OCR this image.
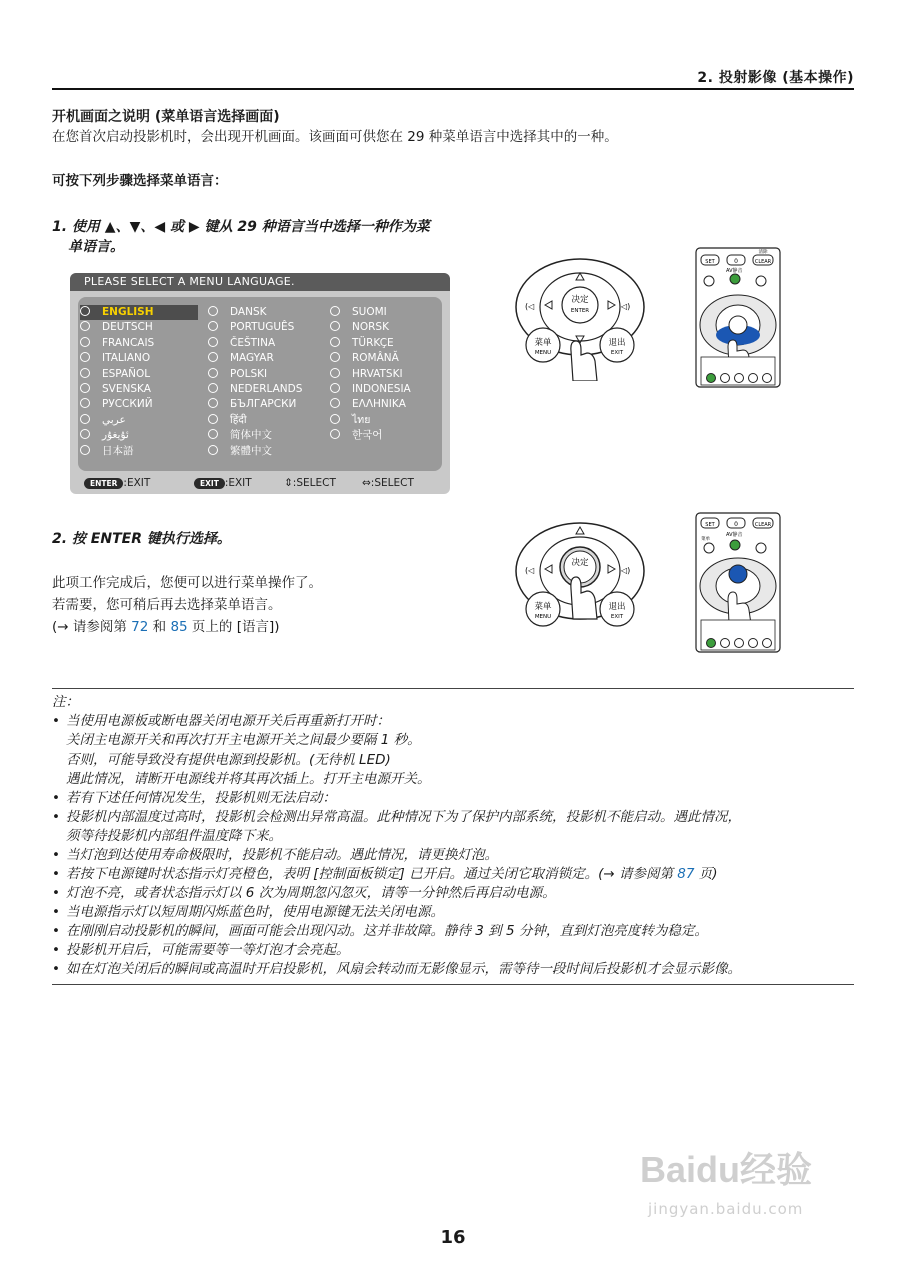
2. 投射影像 (基本操作)
开机画面之说明 (菜单语言选择画面)
在您首次启动投影机时，会出现开机画面。该画面可供您在 29 种菜单语言中选择其中的一种。
可按下列步骤选择菜单语言：
1. 使用 ▲、▼、◀ 或 ▶ 键从 29 种语言当中选择一种作为菜
单语言。
PLEASE SELECT A MENU LANGUAGE.
ENGLISH
DEUTSCH
FRANCAIS
ITALIANO
ESPAÑOL
SVENSKA
РУССКИЙ
عربي
ئۇيغۇر
日本語
DANSK
PORTUGUÊS
ČEŠTINA
MAGYAR
POLSKI
NEDERLANDS
БЪЛГАРСКИ
हिंदी
简体中文
繁體中文
SUOMI
NORSK
TÜRKÇE
ROMÂNĂ
HRVATSKI
INDONESIA
ΕΛΛΗΝΙΚΑ
ไทย
한국어
ENTER :EXIT	EXIT :EXIT	⇕:SELECT ⇔:SELECT
决定
ENTER
(◁	◁)
菜单
MENU
退出
EXIT
SET	0	CLEAR
清除
AV静音
2. 按 ENTER 键执行选择。
此项工作完成后，您便可以进行菜单操作了。
若需要，您可稍后再去选择菜单语言。
(→ 请参阅第 72 和 85 页上的 [语言])
决定
(◁	◁)
菜单
MENU
退出
EXIT
SET	0	CLEAR
菜单
AV静音
注：
• 当使用电源板或断电器关闭电源开关后再重新打开时：
关闭主电源开关和再次打开主电源开关之间最少要隔 1 秒。
否则，可能导致没有提供电源到投影机。(无待机 LED)
遇此情况，请断开电源线并将其再次插上。打开主电源开关。
• 若有下述任何情况发生，投影机则无法启动：
• 投影机内部温度过高时，投影机会检测出异常高温。此种情况下为了保护内部系统，投影机不能启动。遇此情况，
须等待投影机内部组件温度降下来。
• 当灯泡到达使用寿命极限时，投影机不能启动。遇此情况，请更换灯泡。
• 若按下电源键时状态指示灯亮橙色，表明 [控制面板锁定] 已开启。通过关闭它取消锁定。(→ 请参阅第 87 页)
• 灯泡不亮，或者状态指示灯以 6 次为周期忽闪忽灭，请等一分钟然后再启动电源。
• 当电源指示灯以短周期闪烁蓝色时，使用电源键无法关闭电源。
• 在刚刚启动投影机的瞬间，画面可能会出现闪动。这并非故障。静待 3 到 5 分钟，直到灯泡亮度转为稳定。
• 投影机开启后，可能需要等一等灯泡才会亮起。
• 如在灯泡关闭后的瞬间或高温时开启投影机，风扇会转动而无影像显示，需等待一段时间后投影机才会显示影像。
Baidu经验
jingyan.baidu.com
16
